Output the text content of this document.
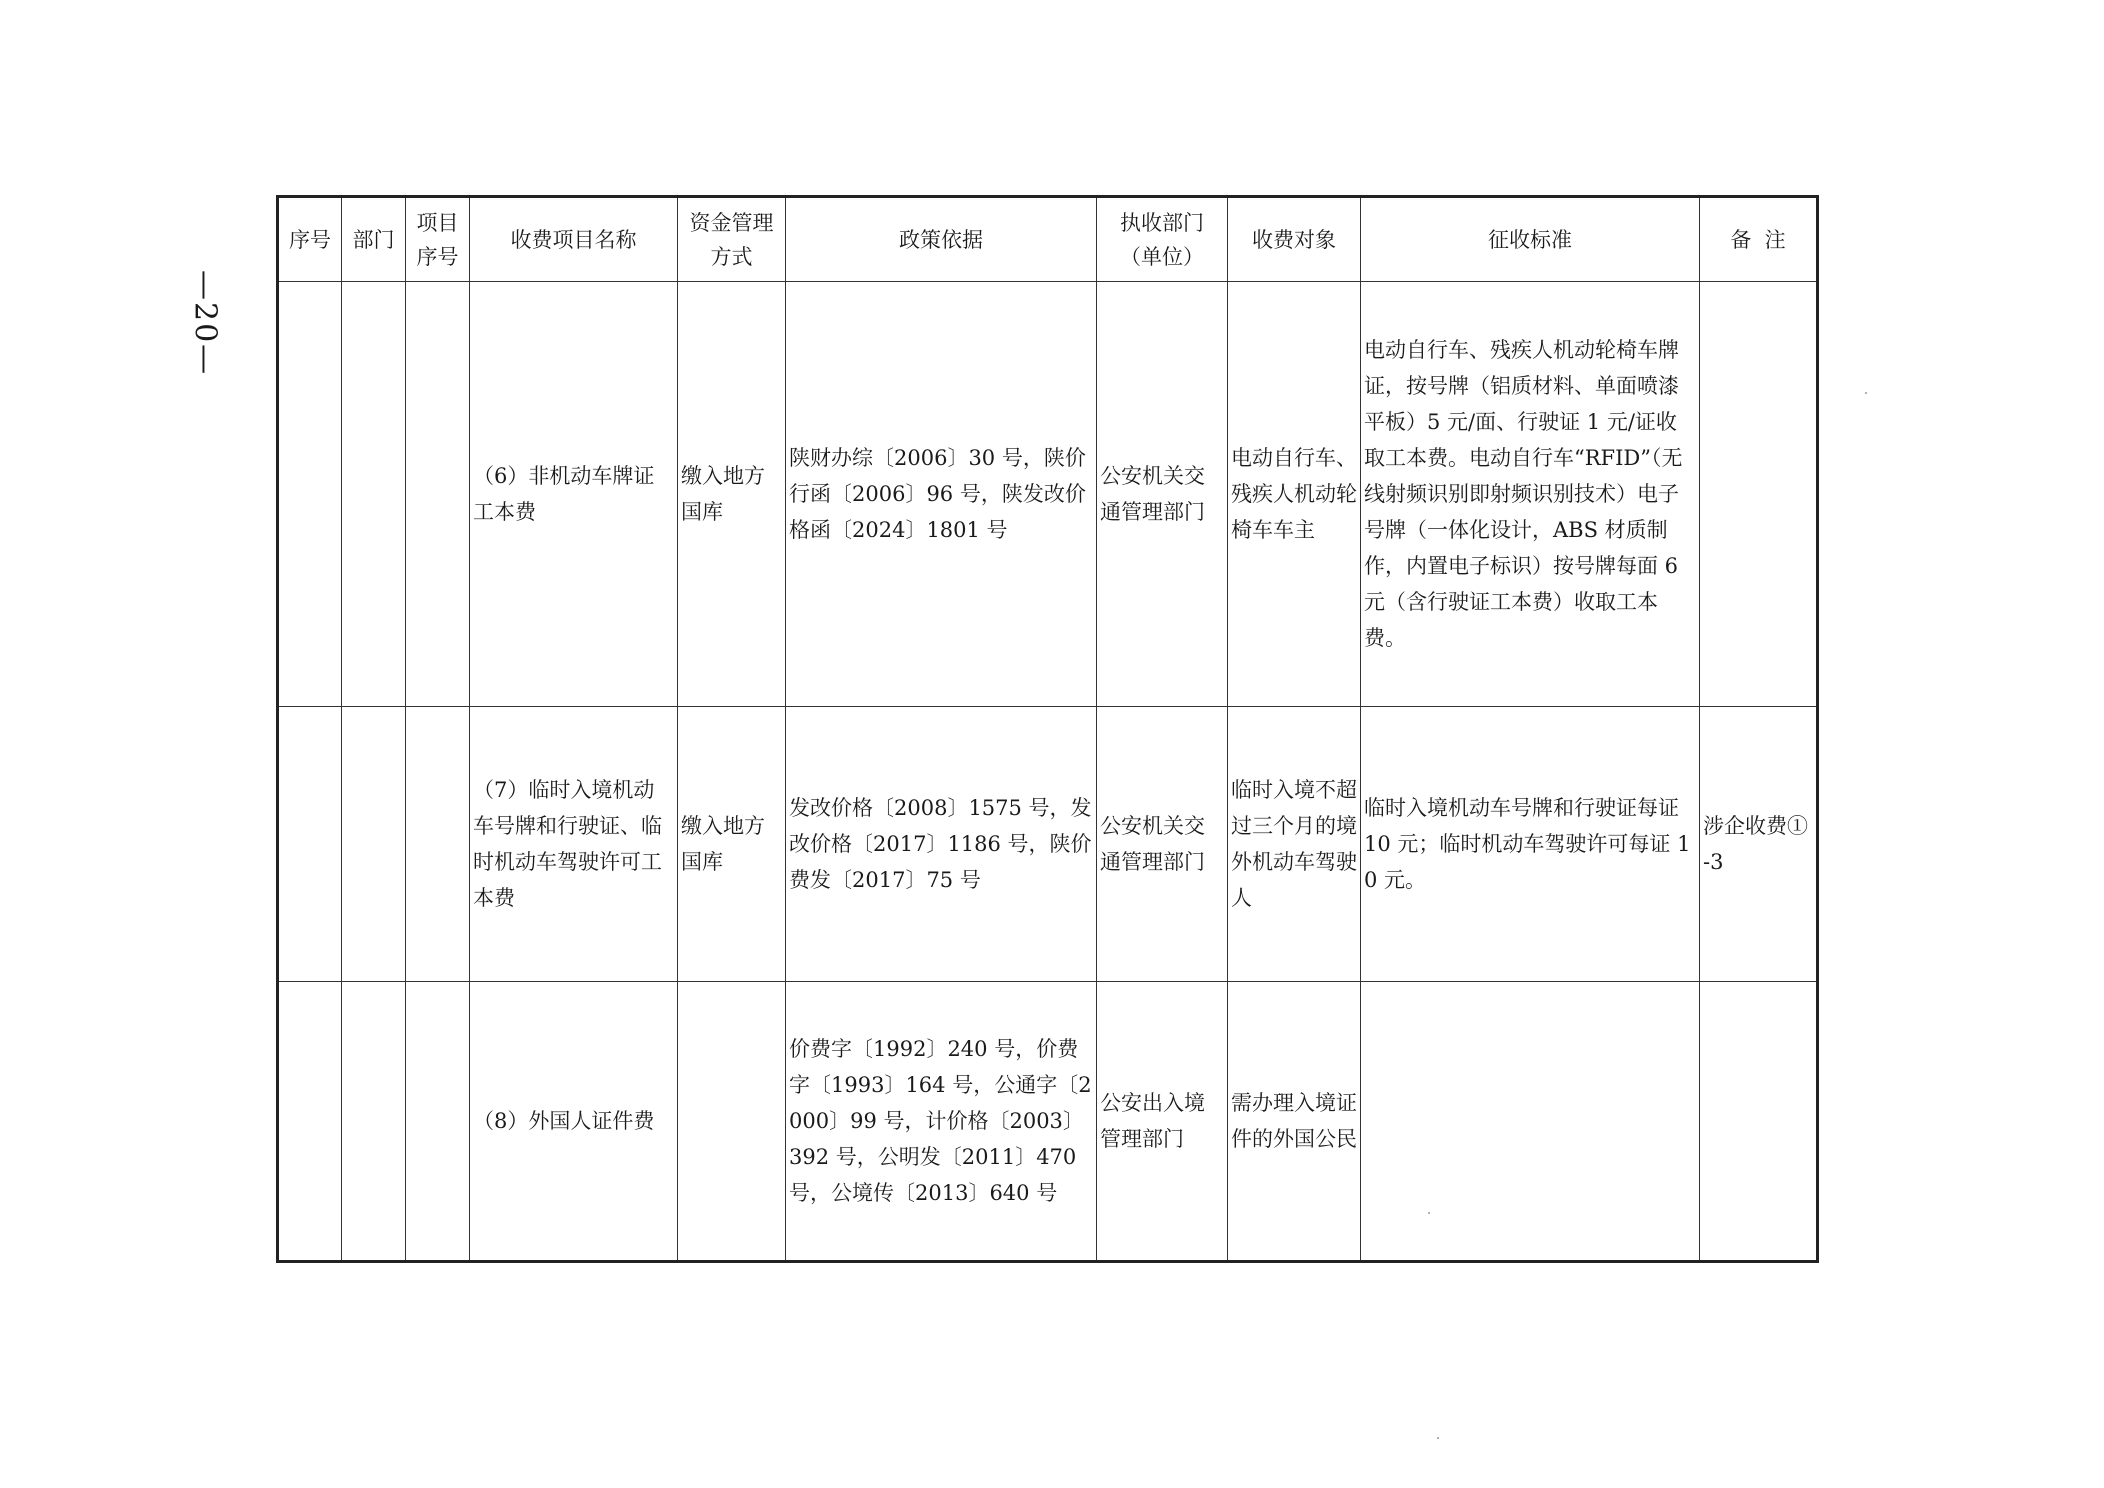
—20—
序号	部门	项目序号	收费项目名称	资金管理方式	政策依据	执收部门（单位）	收费对象	征收标准	备  注
			（6）非机动车牌证工本费	缴入地方国库	陕财办综〔2006〕30 号，陕价行函〔2006〕96 号，陕发改价格函〔2024〕1801 号	公安机关交通管理部门	电动自行车、残疾人机动轮椅车车主	电动自行车、残疾人机动轮椅车牌证，按号牌（铝质材料、单面喷漆平板）5 元/面、行驶证 1 元/证收取工本费。电动自行车“RFID”（无线射频识别即射频识别技术）电子号牌（一体化设计，ABS 材质制作，内置电子标识）按号牌每面 6 元（含行驶证工本费）收取工本费。	
			（7）临时入境机动车号牌和行驶证、临时机动车驾驶许可工本费	缴入地方国库	发改价格〔2008〕1575 号，发改价格〔2017〕1186 号，陕价费发〔2017〕75 号	公安机关交通管理部门	临时入境不超过三个月的境外机动车驾驶人	临时入境机动车号牌和行驶证每证 10 元；临时机动车驾驶许可每证 10 元。	涉企收费①-3
			（8）外国人证件费		价费字〔1992〕240 号，价费字〔1993〕164 号，公通字〔2000〕99 号，计价格〔2003〕392 号，公明发〔2011〕470 号，公境传〔2013〕640 号	公安出入境管理部门	需办理入境证件的外国公民		
